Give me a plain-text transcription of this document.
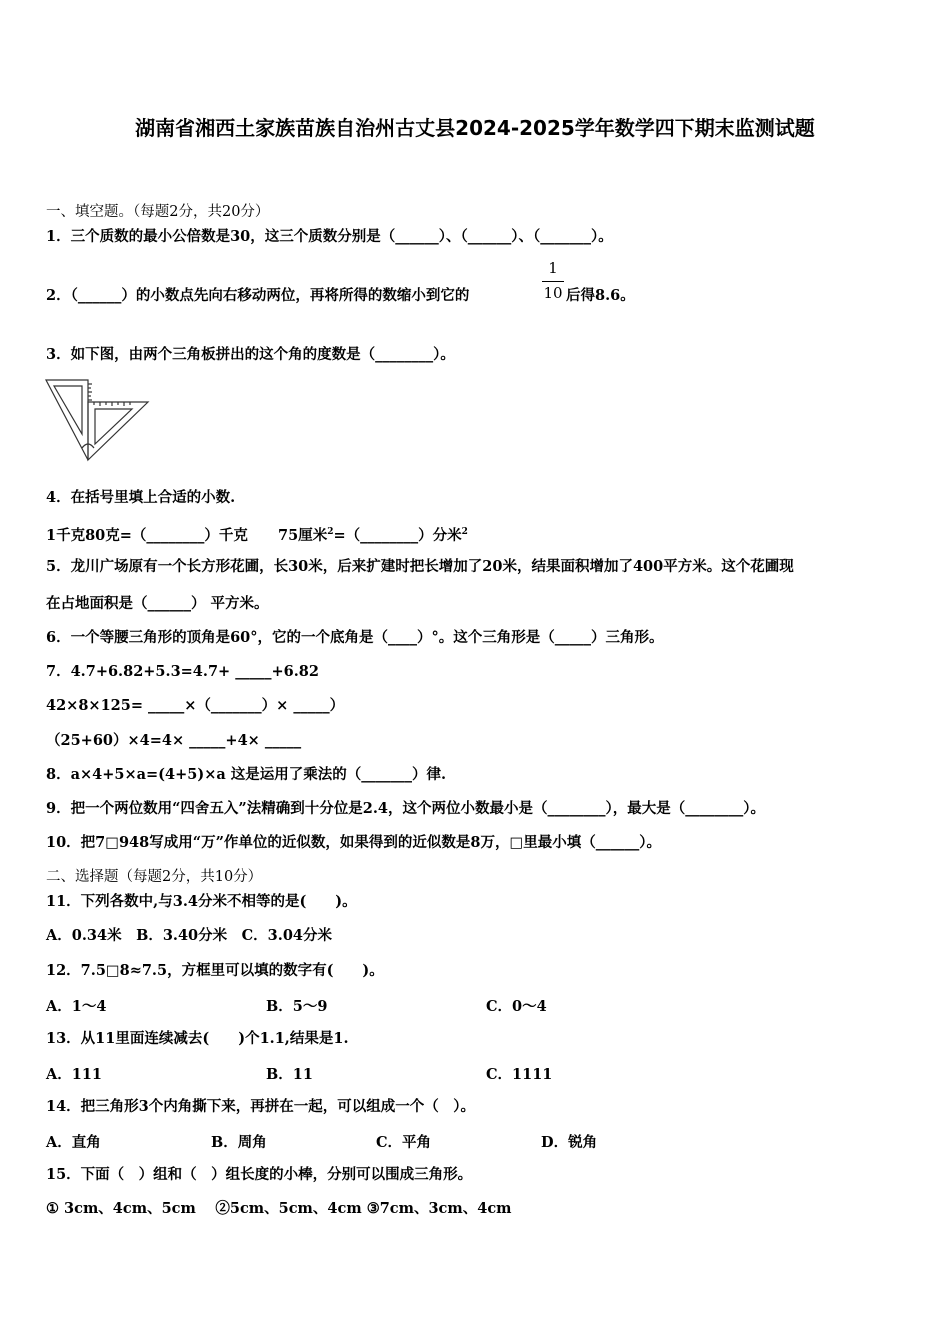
湖南省湘西土家族苗族自治州古丈县2024-2025学年数学四下期末监测试题
一、填空题。（每题2分，共20分）
1．三个质数的最小公倍数是30，这三个质数分别是（______）、（______）、（_______）。
2．（______）的小数点先向右移动两位，再将所得的数缩小到它的
1
10 后得8.6。
3．如下图，由两个三角板拼出的这个角的度数是（________）。
4．在括号里填上合适的小数.
1千克80克=（________）千克 75厘米$^2$=（________）分米$^2$
5．龙川广场原有一个长方形花圃，长30米，后来扩建时把长增加了20米，结果面积增加了400平方米。这个花圃现
在占地面积是（______） 平方米。
6．一个等腰三角形的顶角是60°，它的一个底角是（____）°。这个三角形是（_____）三角形。
7．4.7+6.82+5.3=4.7+ _____+6.82
42×8×125= _____×（_______）× _____）
（25+60）×4=4× _____+4× _____
8．a×4+5×a=(4+5)×a 这是运用了乘法的（_______）律.
9．把一个两位数用“四舍五入”法精确到十分位是2.4，这个两位小数最小是（________），最大是（________）。
10．把7□948写成用“万”作单位的近似数，如果得到的近似数是8万，□里最小填（______）。
二、选择题（每题2分，共10分）
11．下列各数中,与3.4分米不相等的是(　　)。
A．0.34米　B．3.40分米　C．3.04分米
12．7.5□8≈7.5，方框里可以填的数字有(　　)。
A．1～4	B．5～9	C．0～4
13．从11里面连续减去(　　)个1.1,结果是1.
A．111	B．11	C．1111
14．把三角形3个内角撕下来，再拼在一起，可以组成一个（　）。
A．直角	B．周角	C．平角	D．锐角
15．下面（　）组和（　）组长度的小棒，分别可以围成三角形。
① 3cm、4cm、5cm　 ②5cm、5cm、4cm ③7cm、3cm、4cm
